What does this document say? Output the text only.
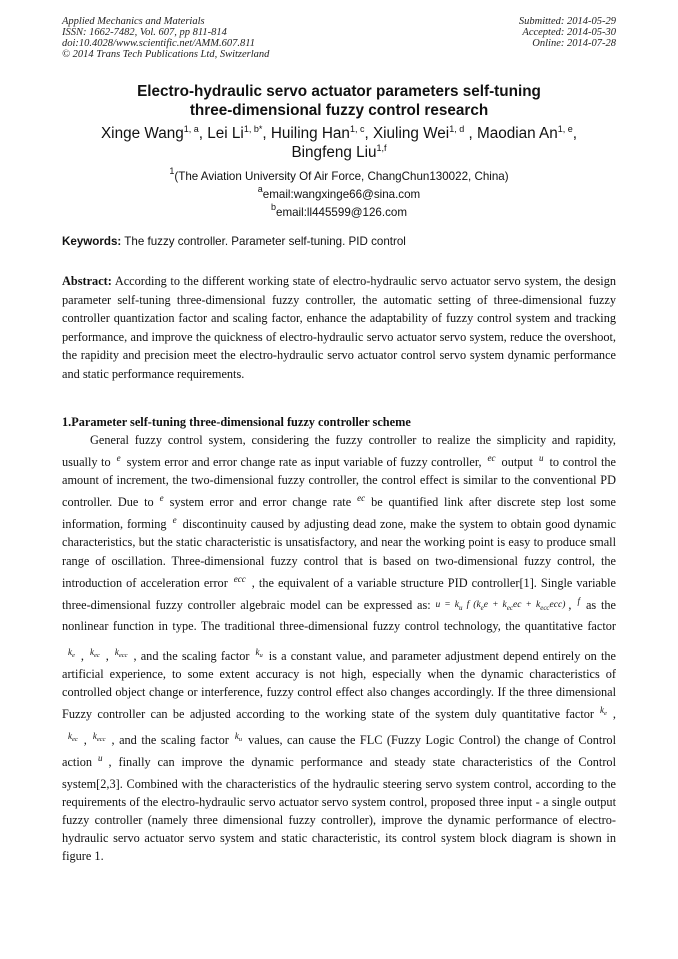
Applied Mechanics and Materials
ISSN: 1662-7482, Vol. 607, pp 811-814
doi:10.4028/www.scientific.net/AMM.607.811
© 2014 Trans Tech Publications Ltd, Switzerland
Submitted: 2014-05-29
Accepted: 2014-05-30
Online: 2014-07-28
Electro-hydraulic servo actuator parameters self-tuning
three-dimensional fuzzy control research
Xinge Wang$^{1, a}$, Lei $Li^{1, b*}$, Huiling Han$^{1, c}$, Xiuling Wei$^{1, d}$ , Maodian An$^{1, e}$,
Bingfeng Liu$^{1,f}$
$^1$(The Aviation University Of Air Force, ChangChun130022, China)
$^a$email:wangxinge66@sina.com
$^b$email:ll445599@126.com
Keywords: The fuzzy controller. Parameter self-tuning. PID control
Abstract: According to the different working state of electro-hydraulic servo actuator servo system, the design parameter self-tuning three-dimensional fuzzy controller, the automatic setting of three-dimensional fuzzy controller quantization factor and scaling factor, enhance the adaptability of fuzzy control system and tracking performance, and improve the quickness of electro-hydraulic servo actuator servo system, reduce the overshoot, the rapidity and precision meet the electro-hydraulic servo actuator control servo system dynamic performance and static performance requirements.
1.Parameter self-tuning three-dimensional fuzzy controller scheme

General fuzzy control system, considering the fuzzy controller to realize the simplicity and rapidity, usually to $^e$ system error and error change rate as input variable of fuzzy controller, $^{ec}$ output $^u$ to control the amount of increment, the two-dimensional fuzzy controller, the control effect is similar to the conventional PD controller. Due to $^e$ system error and error change rate $^{ec}$ be quantified link after discrete step lost some information, forming $^e$ discontinuity caused by adjusting dead zone, make the system to obtain good dynamic characteristics, but the static characteristic is unsatisfactory, and near the working point is easy to produce small range of oscillation. Three-dimensional fuzzy control that is based on two-dimensional fuzzy control, the introduction of acceleration error $^{ecc}$ , the equivalent of a variable structure PID controller[1]. Single variable three-dimensional fuzzy controller algebraic model can be expressed as: $u = k_u$ f $(k_ee + k_{ec}ec + k_{ecc}ecc)$ , $^f$ as the nonlinear function in type. The traditional three-dimensional fuzzy control technology, the quantitative factor$^{k_e}$ , $^{k_{ec}}$ , $^{k_{ecc}}$ , and the scaling factor $^{k_u}$ is a constant value, and parameter adjustment depend entirely on the artificial experience, to some extent accuracy is not high, especially when the dynamic characteristics of controlled object change or interference, fuzzy control effect also changes accordingly. If the three dimensional Fuzzy controller can be adjusted according to the working state of the system duly quantitative factor $^{k_e}$ ,$^{k_{ec}}$ , $^{k_{ecc}}$ , and the scaling factor $^{k_u}$ values, can cause the FLC (Fuzzy Logic Control) the change of Control action $^u$ , finally can improve the dynamic performance and steady state characteristics of the Control system[2,3]. Combined with the characteristics of the hydraulic steering servo system control, according to the requirements of the electro-hydraulic servo actuator servo system control, proposed three input - a single output fuzzy controller (namely three dimensional fuzzy controller), improve the dynamic performance of electro-hydraulic servo actuator servo system and static characteristic, its control system block diagram is shown in figure 1.
